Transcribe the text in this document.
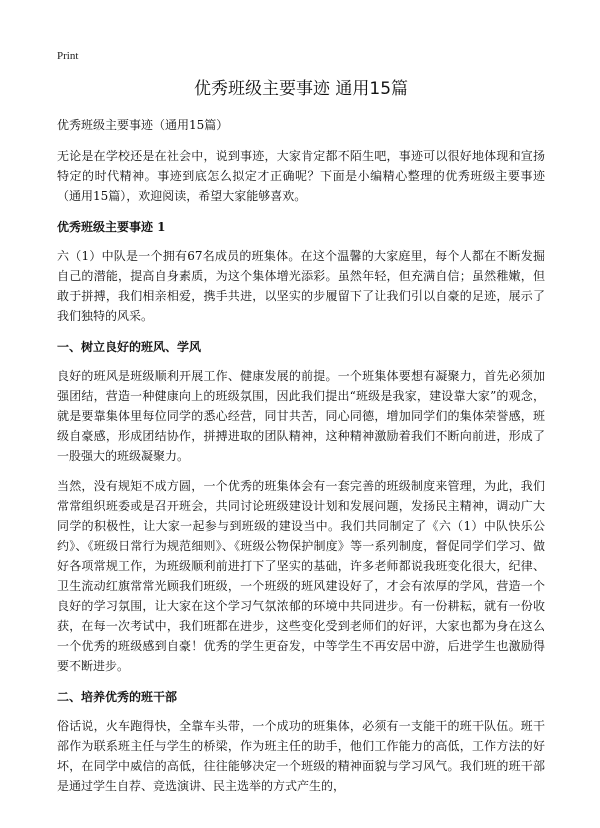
Print
优秀班级主要事迹 通用15篇
优秀班级主要事迹（通用15篇）

无论是在学校还是在社会中，说到事迹，大家肯定都不陌生吧，事迹可以很好地体现和宣扬特定的时代精神。事迹到底怎么拟定才正确呢？下面是小编精心整理的优秀班级主要事迹（通用15篇），欢迎阅读，希望大家能够喜欢。

优秀班级主要事迹 1

六（1）中队是一个拥有67名成员的班集体。在这个温馨的大家庭里，每个人都在不断发掘自己的潜能，提高自身素质，为这个集体增光添彩。虽然年轻，但充满自信；虽然稚嫩，但敢于拼搏，我们相亲相爱，携手共进，以坚实的步履留下了让我们引以自豪的足迹，展示了我们独特的风采。

一、树立良好的班风、学风

良好的班风是班级顺利开展工作、健康发展的前提。一个班集体要想有凝聚力，首先必须加强团结，营造一种健康向上的班级氛围，因此我们提出“班级是我家，建设靠大家”的观念，就是要靠集体里每位同学的悉心经营，同甘共苦，同心同德，增加同学们的集体荣誉感，班级自豪感，形成团结协作，拼搏进取的团队精神，这种精神激励着我们不断向前进，形成了一股强大的班级凝聚力。

当然，没有规矩不成方圆，一个优秀的班集体会有一套完善的班级制度来管理，为此，我们常常组织班委或是召开班会，共同讨论班级建设计划和发展问题，发扬民主精神，调动广大同学的积极性，让大家一起参与到班级的建设当中。我们共同制定了《六（1）中队快乐公约》、《班级日常行为规范细则》、《班级公物保护制度》等一系列制度，督促同学们学习、做好各项常规工作，为班级顺利前进打下了坚实的基础，许多老师都说我班变化很大，纪律、卫生流动红旗常常光顾我们班级，一个班级的班风建设好了，才会有浓厚的学风，营造一个良好的学习氛围，让大家在这个学习气氛浓郁的环境中共同进步。有一份耕耘，就有一份收获，在每一次考试中，我们班都在进步，这些变化受到老师们的好评，大家也都为身在这么一个优秀的班级感到自豪！优秀的学生更奋发，中等学生不再安居中游，后进学生也激励得要不断进步。

二、培养优秀的班干部

俗话说，火车跑得快，全靠车头带，一个成功的班集体，必须有一支能干的班干队伍。班干部作为联系班主任与学生的桥梁，作为班主任的助手，他们工作能力的高低，工作方法的好坏，在同学中威信的高低，往往能够决定一个班级的精神面貌与学习风气。我们班的班干部是通过学生自荐、竞选演讲、民主选举的方式产生的，
